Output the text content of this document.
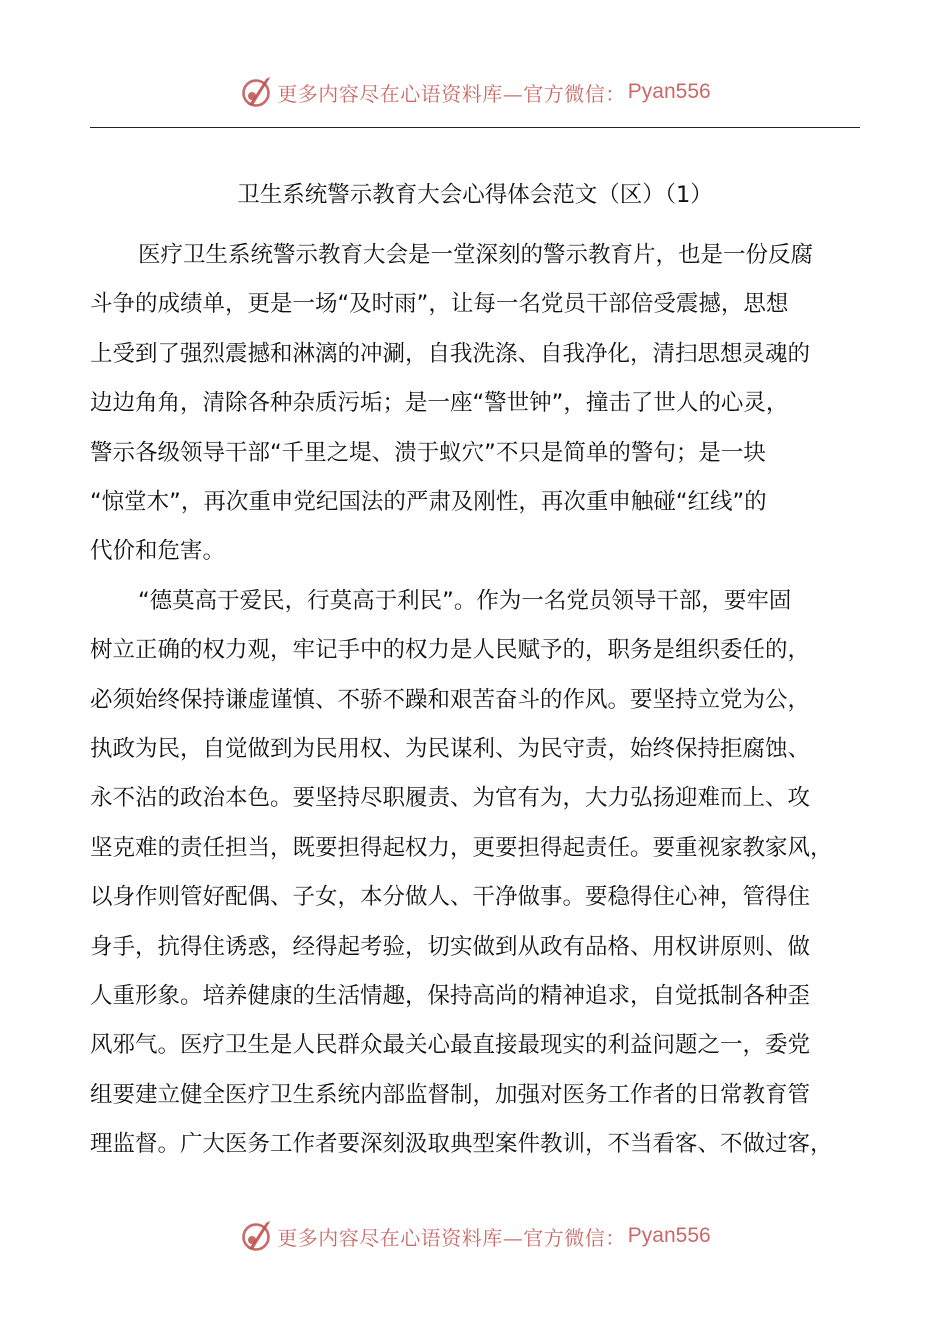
更多内容尽在心语资料库—官方微信： Pyan556
卫生系统警示教育大会心得体会范文（区）（1）
医疗卫生系统警示教育大会是一堂深刻的警示教育片，也是一份反腐
斗争的成绩单，更是一场“及时雨”，让每一名党员干部倍受震撼，思想
上受到了强烈震撼和淋漓的冲涮，自我洗涤、自我净化，清扫思想灵魂的
边边角角，清除各种杂质污垢；是一座“警世钟”，撞击了世人的心灵，
警示各级领导干部“千里之堤、溃于蚁穴”不只是简单的警句；是一块
“惊堂木”，再次重申党纪国法的严肃及刚性，再次重申触碰“红线”的
代价和危害。
“德莫高于爱民，行莫高于利民”。作为一名党员领导干部，要牢固
树立正确的权力观，牢记手中的权力是人民赋予的，职务是组织委任的，
必须始终保持谦虚谨慎、不骄不躁和艰苦奋斗的作风。要坚持立党为公，
执政为民，自觉做到为民用权、为民谋利、为民守责，始终保持拒腐蚀、
永不沾的政治本色。要坚持尽职履责、为官有为，大力弘扬迎难而上、攻
坚克难的责任担当，既要担得起权力，更要担得起责任。要重视家教家风，
以身作则管好配偶、子女，本分做人、干净做事。要稳得住心神，管得住
身手，抗得住诱惑，经得起考验，切实做到从政有品格、用权讲原则、做
人重形象。培养健康的生活情趣，保持高尚的精神追求，自觉抵制各种歪
风邪气。医疗卫生是人民群众最关心最直接最现实的利益问题之一，委党
组要建立健全医疗卫生系统内部监督制，加强对医务工作者的日常教育管
理监督。广大医务工作者要深刻汲取典型案件教训，不当看客、不做过客，
更多内容尽在心语资料库—官方微信： Pyan556
